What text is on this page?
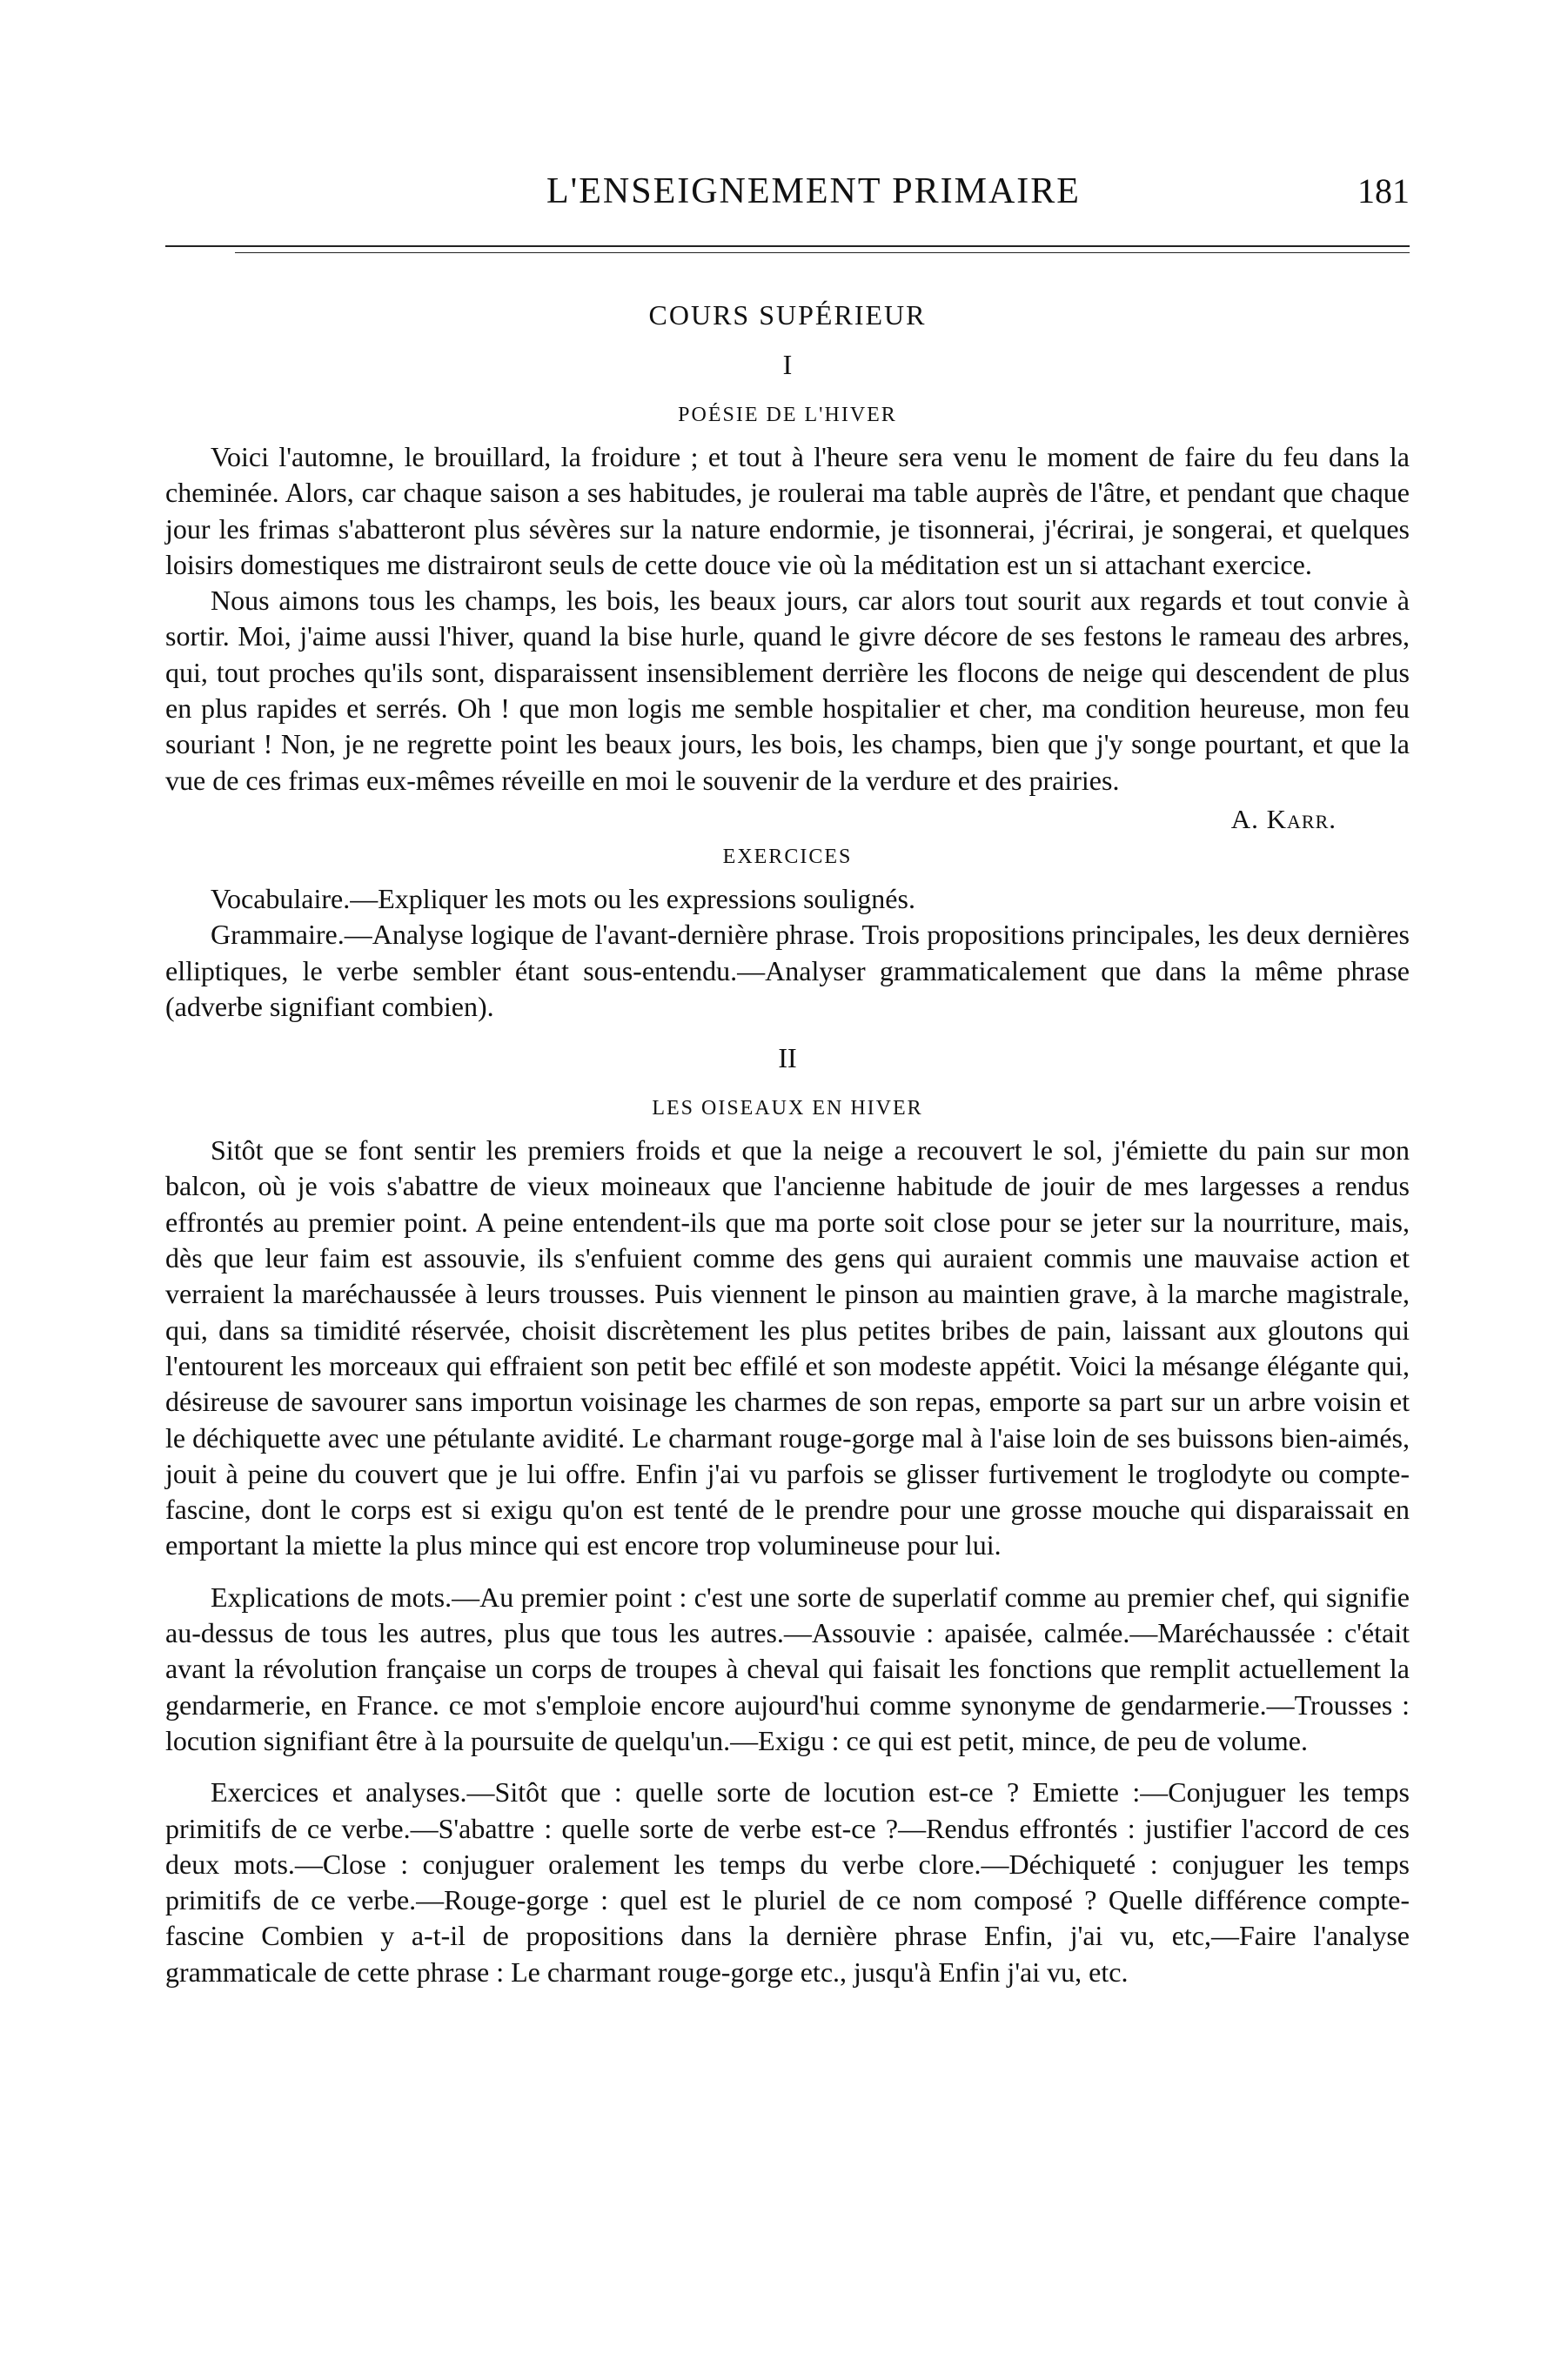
L'ENSEIGNEMENT PRIMAIRE	181
COURS SUPÉRIEUR
I
POÉSIE DE L'HIVER

Voici l'automne, le brouillard, la froidure ; et tout à l'heure sera venu le moment de faire du feu dans la cheminée. Alors, car chaque saison a ses habitudes, je roulerai ma table auprès de l'âtre, et pendant que chaque jour les frimas s'abatteront plus sévères sur la nature endormie, je tisonnerai, j'écrirai, je songerai, et quelques loisirs domestiques me distrairont seuls de cette douce vie où la méditation est un si attachant exercice.

Nous aimons tous les champs, les bois, les beaux jours, car alors tout sourit aux regards et tout convie à sortir. Moi, j'aime aussi l'hiver, quand la bise hurle, quand le givre décore de ses festons le rameau des arbres, qui, tout proches qu'ils sont, disparaissent insensiblement derrière les flocons de neige qui descendent de plus en plus rapides et serrés. Oh ! que mon logis me semble hospitalier et cher, ma condition heureuse, mon feu souriant ! Non, je ne regrette point les beaux jours, les bois, les champs, bien que j'y songe pourtant, et que la vue de ces frimas eux-mêmes réveille en moi le souvenir de la verdure et des prairies.

A. Karr.
EXERCICES

Vocabulaire.—Expliquer les mots ou les expressions soulignés.

Grammaire.—Analyse logique de l'avant-dernière phrase. Trois propositions principales, les deux dernières elliptiques, le verbe sembler étant sous-entendu.—Analyser grammaticalement que dans la même phrase (adverbe signifiant combien).

II
LES OISEAUX EN HIVER

Sitôt que se font sentir les premiers froids et que la neige a recouvert le sol, j'émiette du pain sur mon balcon, où je vois s'abattre de vieux moineaux que l'ancienne habitude de jouir de mes largesses a rendus effrontés au premier point. A peine entendent-ils que ma porte soit close pour se jeter sur la nourriture, mais, dès que leur faim est assouvie, ils s'enfuient comme des gens qui auraient commis une mauvaise action et verraient la maréchaussée à leurs trousses. Puis viennent le pinson au maintien grave, à la marche magistrale, qui, dans sa timidité réservée, choisit discrètement les plus petites bribes de pain, laissant aux gloutons qui l'entourent les morceaux qui effraient son petit bec effilé et son modeste appétit. Voici la mésange élégante qui, désireuse de savourer sans importun voisinage les charmes de son repas, emporte sa part sur un arbre voisin et le déchiquette avec une pétulante avidité. Le charmant rouge-gorge mal à l'aise loin de ses buissons bien-aimés, jouit à peine du couvert que je lui offre. Enfin j'ai vu parfois se glisser furtivement le troglodyte ou compte-fascine, dont le corps est si exigu qu'on est tenté de le prendre pour une grosse mouche qui disparaissait en emportant la miette la plus mince qui est encore trop volumineuse pour lui.

Explications de mots.—Au premier point : c'est une sorte de superlatif comme au premier chef, qui signifie au-dessus de tous les autres, plus que tous les autres.—Assouvie : apaisée, calmée.—Maréchaussée : c'était avant la révolution française un corps de troupes à cheval qui faisait les fonctions que remplit actuellement la gendarmerie, en France. ce mot s'emploie encore aujourd'hui comme synonyme de gendarmerie.—Trousses : locution signifiant être à la poursuite de quelqu'un.—Exigu : ce qui est petit, mince, de peu de volume.

Exercices et analyses.—Sitôt que : quelle sorte de locution est-ce ? Emiette :—Conjuguer les temps primitifs de ce verbe.—S'abattre : quelle sorte de verbe est-ce ?—Rendus effrontés : justifier l'accord de ces deux mots.—Close : conjuguer oralement les temps du verbe clore.—Déchiqueté : conjuguer les temps primitifs de ce verbe.—Rouge-gorge : quel est le pluriel de ce nom composé ? Quelle différence compte-fascine Combien y a-t-il de propositions dans la dernière phrase Enfin, j'ai vu, etc,—Faire l'analyse grammaticale de cette phrase : Le charmant rouge-gorge etc., jusqu'à Enfin j'ai vu, etc.
